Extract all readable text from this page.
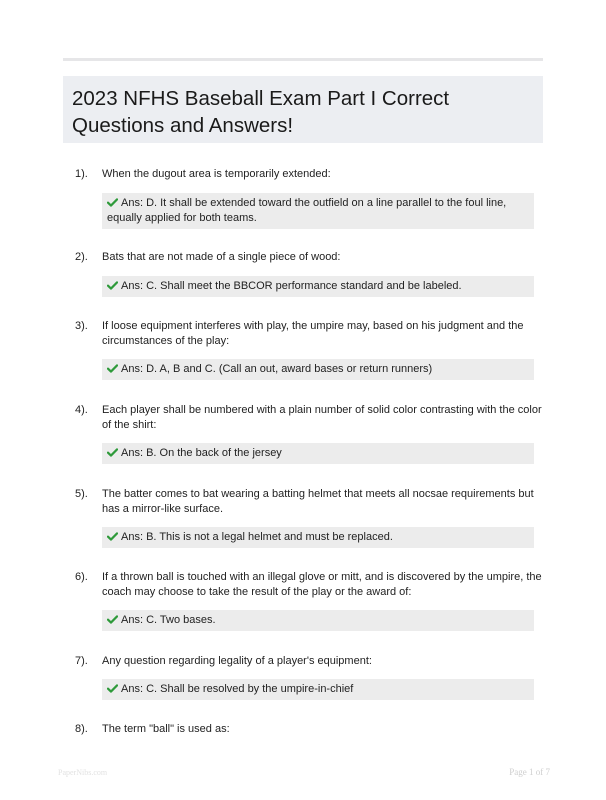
2023 NFHS Baseball Exam Part I Correct Questions and Answers!
1). When the dugout area is temporarily extended:
Ans: D. It shall be extended toward the outfield on a line parallel to the foul line, equally applied for both teams.
2). Bats that are not made of a single piece of wood:
Ans: C. Shall meet the BBCOR performance standard and be labeled.
3). If loose equipment interferes with play, the umpire may, based on his judgment and the circumstances of the play:
Ans: D. A, B and C. (Call an out, award bases or return runners)
4). Each player shall be numbered with a plain number of solid color contrasting with the color of the shirt:
Ans: B. On the back of the jersey
5). The batter comes to bat wearing a batting helmet that meets all nocsae requirements but has a mirror-like surface.
Ans: B. This is not a legal helmet and must be replaced.
6). If a thrown ball is touched with an illegal glove or mitt, and is discovered by the umpire, the coach may choose to take the result of the play or the award of:
Ans: C. Two bases.
7). Any question regarding legality of a player's equipment:
Ans: C. Shall be resolved by the umpire-in-chief
8). The term "ball" is used as:
PaperNibs.com	Page 1 of 7
